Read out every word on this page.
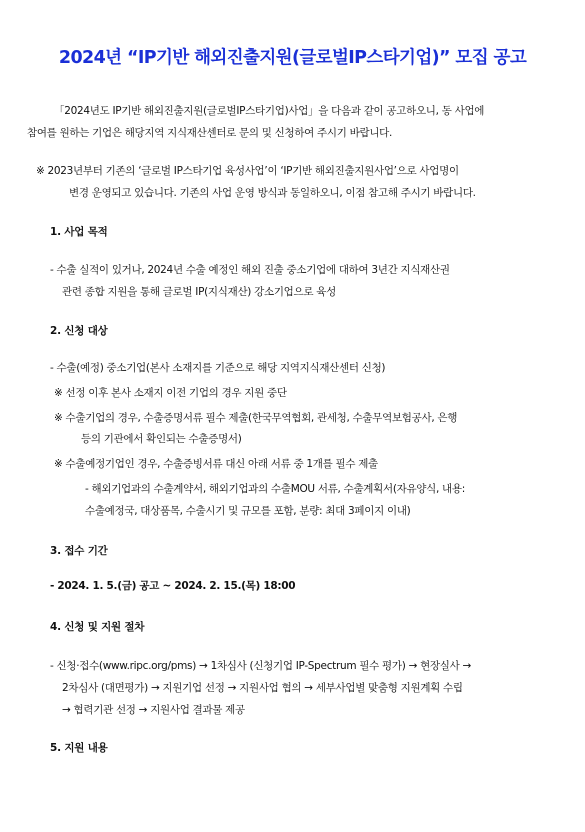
2024년 “IP기반 해외진출지원(글로벌IP스타기업)” 모집 공고
「2024년도 IP기반 해외진출지원(글로벌IP스타기업)사업」을 다음과 같이 공고하오니, 동 사업에
참여를 원하는 기업은 해당지역 지식재산센터로 문의 및 신청하여 주시기 바랍니다.
※ 2023년부터 기존의 ‘글로벌 IP스타기업 육성사업’이 ‘IP기반 해외진출지원사업’으로 사업명이
변경 운영되고 있습니다. 기존의 사업 운영 방식과 동일하오니, 이점 참고해 주시기 바랍니다.
1. 사업 목적
- 수출 실적이 있거나, 2024년 수출 예정인 해외 진출 중소기업에 대하여 3년간 지식재산권
관련 종합 지원을 통해 글로벌 IP(지식재산) 강소기업으로 육성
2. 신청 대상
- 수출(예정) 중소기업(본사 소재지를 기준으로 해당 지역지식재산센터 신청)
※ 선정 이후 본사 소재지 이전 기업의 경우 지원 중단
※ 수출기업의 경우, 수출증명서류 필수 제출(한국무역협회, 관세청, 수출무역보험공사, 은행
등의 기관에서 확인되는 수출증명서)
※ 수출예정기업인 경우, 수출증빙서류 대신 아래 서류 중 1개를 필수 제출
- 해외기업과의 수출계약서, 해외기업과의 수출MOU 서류, 수출계획서(자유양식, 내용:
수출예정국, 대상품목, 수출시기 및 규모를 포함, 분량: 최대 3페이지 이내)
3. 접수 기간
- 2024. 1. 5.(금) 공고 ~ 2024. 2. 15.(목) 18:00
4. 신청 및 지원 절차
- 신청·접수(www.ripc.org/pms) → 1차심사 (신청기업 IP-Spectrum 필수 평가) → 현장실사 →
2차심사 (대면평가) → 지원기업 선정 → 지원사업 협의 → 세부사업별 맞춤형 지원계획 수립
→ 협력기관 선정 → 지원사업 결과물 제공
5. 지원 내용
